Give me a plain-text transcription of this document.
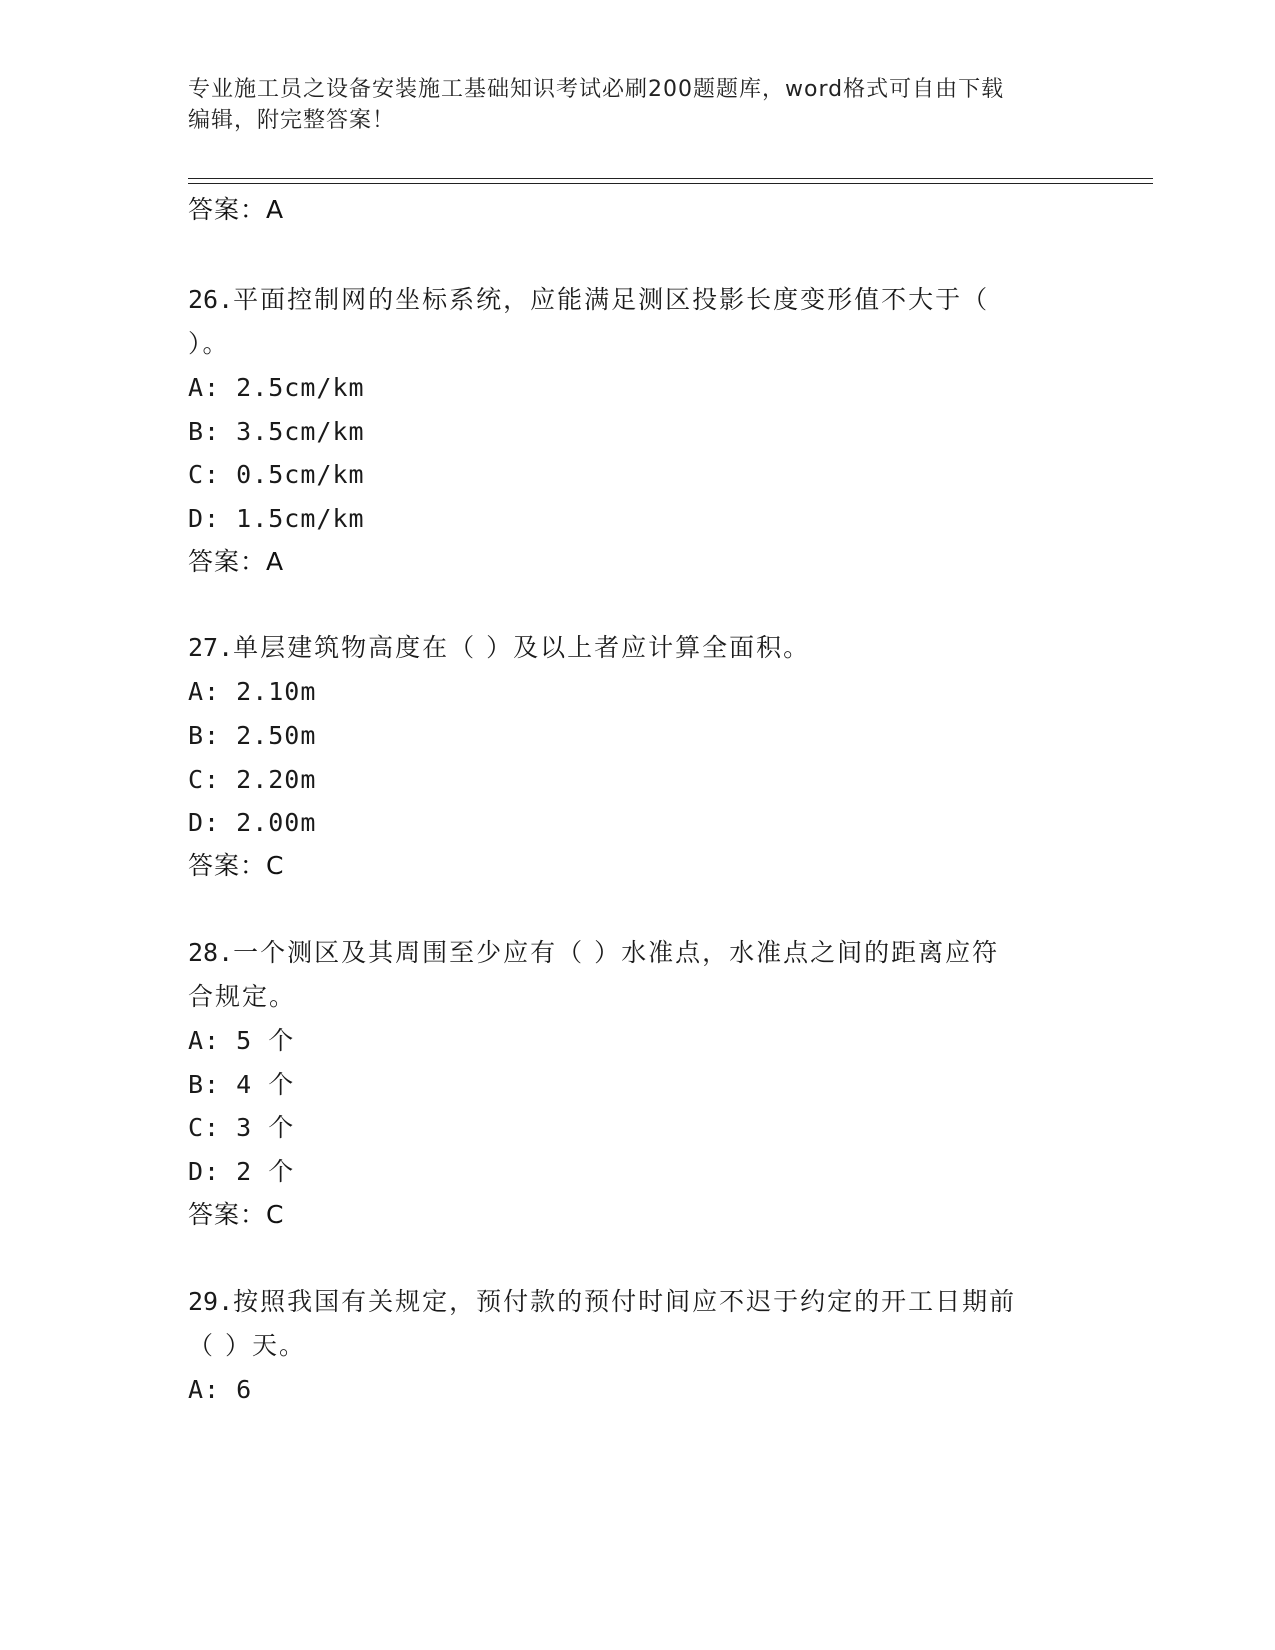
专业施工员之设备安装施工基础知识考试必刷200题题库，word格式可自由下载
编辑，附完整答案！
答案：A
26.平面控制网的坐标系统，应能满足测区投影长度变形值不大于（
）。
A: 2.5cm/km
B: 3.5cm/km
C: 0.5cm/km
D: 1.5cm/km
答案：A
27.单层建筑物高度在（ ）及以上者应计算全面积。
A: 2.10m
B: 2.50m
C: 2.20m
D: 2.00m
答案：C
28.一个测区及其周围至少应有（ ）水准点，水准点之间的距离应符
合规定。
A: 5 个
B: 4 个
C: 3 个
D: 2 个
答案：C
29.按照我国有关规定，预付款的预付时间应不迟于约定的开工日期前
（ ）天。
A: 6
